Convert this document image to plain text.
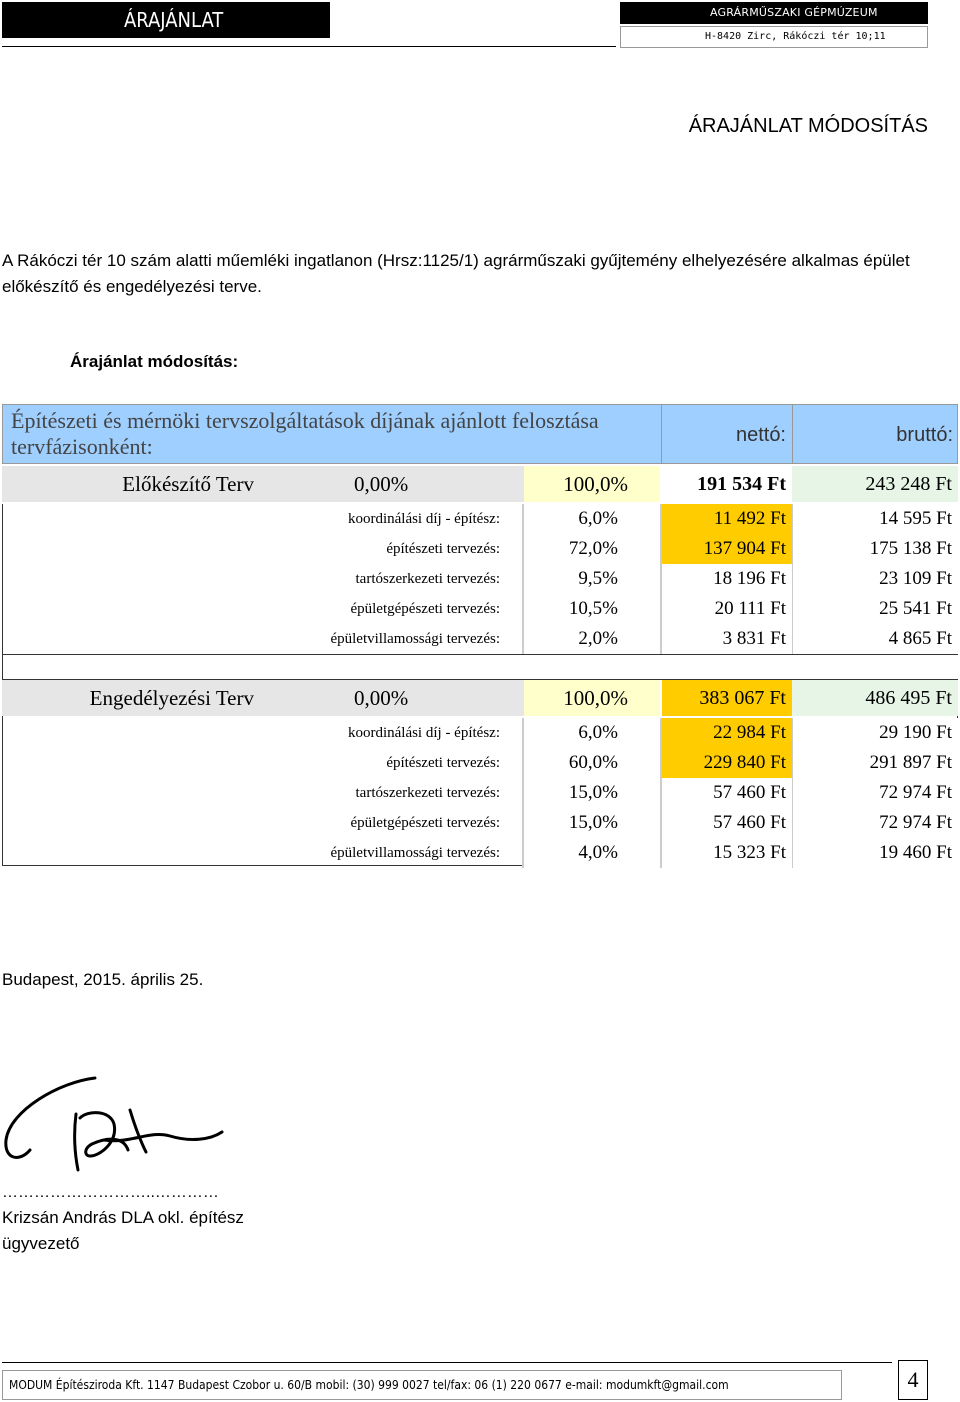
ÁRAJÁNLAT	AGRÁRMŰSZAKI GÉPMÚZEUM
H-8420 Zirc, Rákóczi tér 10;11
ÁRAJÁNLAT MÓDOSÍTÁS
A Rákóczi tér 10 szám alatti műemléki ingatlanon (Hrsz:1125/1) agrárműszaki gyűjtemény elhelyezésére alkalmas épület előkészítő és engedélyezési terve.
Árajánlat módosítás:
Építészeti és mérnöki tervszolgáltatások díjának ajánlott felosztása tervfázisonként:	nettó:	bruttó:
Előkészítő Terv	0,00%	100,0%	191 534 Ft	243 248 Ft
koordinálási díj - építész:	6,0%	11 492 Ft	14 595 Ft
építészeti tervezés:	72,0%	137 904 Ft	175 138 Ft
tartószerkezeti tervezés:	9,5%	18 196 Ft	23 109 Ft
épületgépészeti tervezés:	10,5%	20 111 Ft	25 541 Ft
épületvillamossági tervezés:	2,0%	3 831 Ft	4 865 Ft
Engedélyezési Terv	0,00%	100,0%	383 067 Ft	486 495 Ft
koordinálási díj - építész:	6,0%	22 984 Ft	29 190 Ft
építészeti tervezés:	60,0%	229 840 Ft	291 897 Ft
tartószerkezeti tervezés:	15,0%	57 460 Ft	72 974 Ft
épületgépészeti tervezés:	15,0%	57 460 Ft	72 974 Ft
épületvillamossági tervezés:	4,0%	15 323 Ft	19 460 Ft
Budapest, 2015. április 25.
………………………..…………
Krizsán András DLA okl. építész
ügyvezető
MODUM Építésziroda Kft. 1147 Budapest Czobor u. 60/B mobil: (30) 999 0027 tel/fax: 06 (1) 220 0677 e-mail: modumkft@gmail.com	4
